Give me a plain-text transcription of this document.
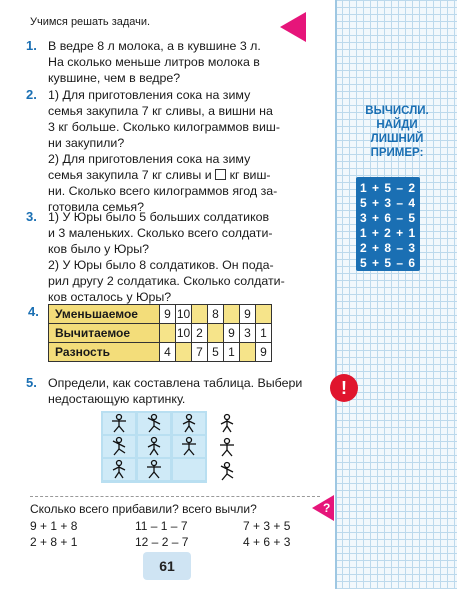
Учимся решать задачи.
1. В ведре 8 л молока, а в кувшине 3 л.

На сколько меньше литров молока в

кувшине, чем в ведре?

2. 1) Для приготовления сока на зиму

семья закупила 7 кг сливы, а вишни на

3 кг больше. Сколько килограммов виш-

ни закупили?

2) Для приготовления сока на зиму

семья закупила 7 кг сливы и кг виш-

ни. Сколько всего килограммов ягод за-

готовила семья?

3. 1) У Юры было 5 больших солдатиков

и 3 маленьких. Сколько всего солдати-

ков было у Юры?

2) У Юры было 8 солдатиков. Он пода-

рил другу 2 солдатика. Сколько солдати-

ков осталось у Юры?

4. Уменьшаемое	9	10		8		9	
Вычитаемое		10	2		9	3	1
Разность	4		7	5	1		9
5. Определи, как составлена таблица. Выбери

недостающую картинку.

ВЫЧИСЛИ.
НАЙДИ
ЛИШНИЙ
ПРИМЕР:
1 + 5 – 2
5 + 3 – 4
3 + 6 – 5
1 + 2 + 1
2 + 8 – 3
5 + 5 – 6
!
?
Сколько всего прибавили? всего вычли?
9 + 1 + 8	11 – 1 – 7	7 + 3 + 5
2 + 8 + 1	12 – 2 – 7	4 + 6 + 3
61
